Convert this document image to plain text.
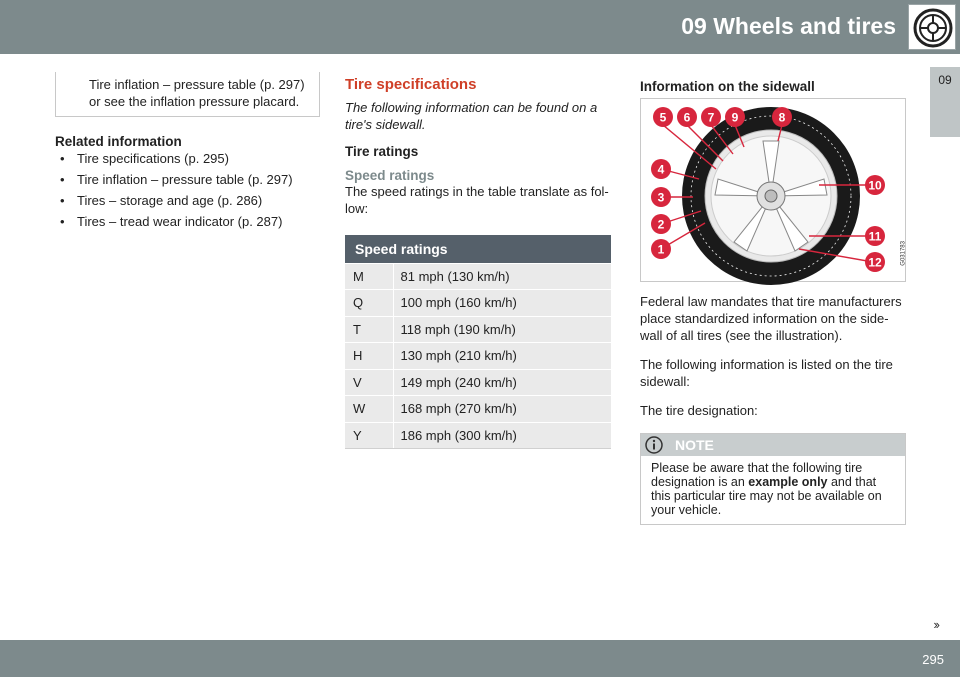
09 Wheels and tires
09
Tire inflation – pressure table (p. 297) or see the inflation pressure placard.
Related information
• Tire specifications (p. 295)
• Tire inflation – pressure table (p. 297)
• Tires – storage and age (p. 286)
• Tires – tread wear indicator (p. 287)
Tire specifications
The following information can be found on a tire's sidewall.
Tire ratings
Speed ratings
The speed ratings in the table translate as fol-low:
Speed ratings	
M	81 mph (130 km/h)
Q	100 mph (160 km/h)
T	118 mph (190 km/h)
H	130 mph (210 km/h)
V	149 mph (240 km/h)
W	168 mph (270 km/h)
Y	186 mph (300 km/h)
Information on the sidewall
5 6 7 9	8
4
3
2
1
10
11
12	G031783
Federal law mandates that tire manufacturers place standardized information on the side-wall of all tires (see the illustration).
The following information is listed on the tire sidewall:
The tire designation:
NOTE
Please be aware that the following tire designation is an example only and that this particular tire may not be available on your vehicle.
››
295
